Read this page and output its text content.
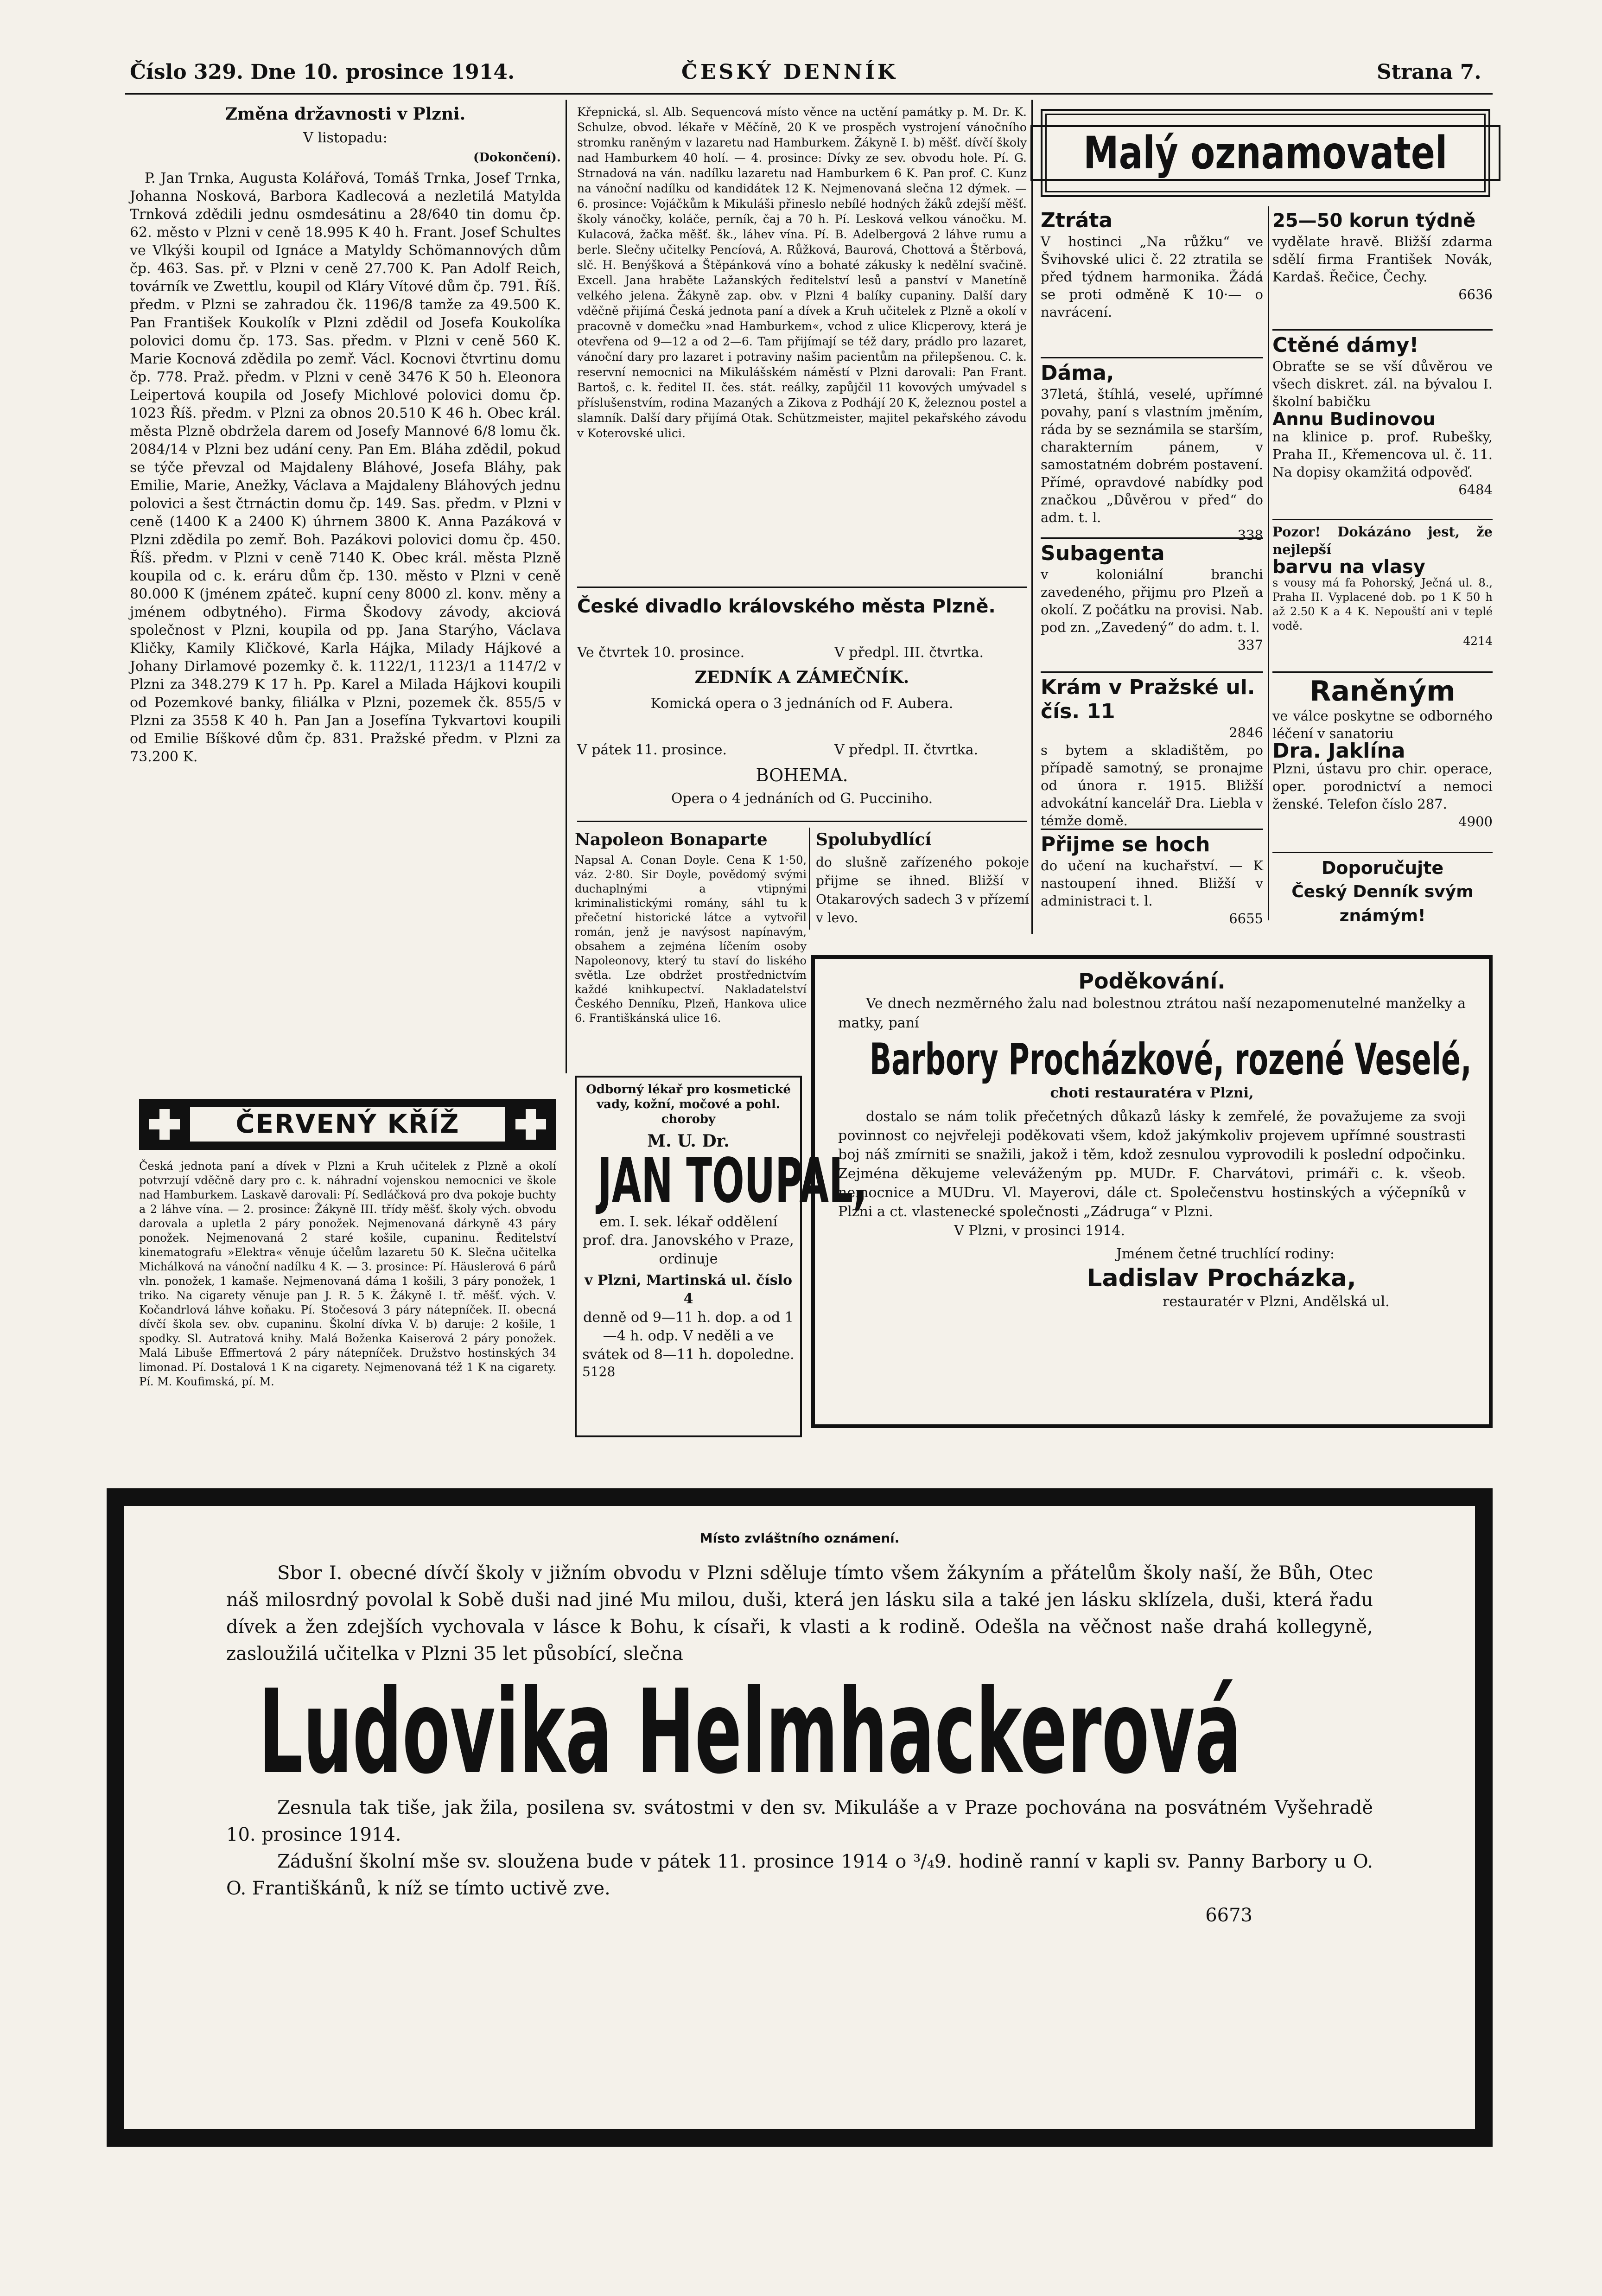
Číslo 329. Dne 10. prosince 1914.	ČESKÝ DENNÍK	Strana 7.
Změna državnosti v Plzni.
V listopadu:
(Dokončení).

P. Jan Trnka, Augusta Kolářová, Tomáš Trnka, Josef Trnka, Johanna Nosková, Barbora Kadlecová a nezletilá Matylda Trnková zdědili jednu osmdesátinu a 28/640 tin domu čp. 62. město v Plzni v ceně 18.995 K 40 h. Frant. Josef Schultes ve Vlkýši koupil od Ignáce a Matyldy Schömannových dům čp. 463. Sas. př. v Plzni v ceně 27.700 K. Pan Adolf Reich, továrník ve Zwettlu, koupil od Kláry Vítové dům čp. 791. Říš. předm. v Plzni se zahradou čk. 1196/8 tamže za 49.500 K. Pan František Koukolík v Plzni zdědil od Josefa Koukolíka polovici domu čp. 173. Sas. předm. v Plzni v ceně 560 K. Marie Kocnová zdědila po zemř. Václ. Kocnovi čtvrtinu domu čp. 778. Praž. předm. v Plzni v ceně 3476 K 50 h. Eleonora Leipertová koupila od Josefy Michlové polovici domu čp. 1023 Říš. předm. v Plzni za obnos 20.510 K 46 h. Obec král. města Plzně obdržela darem od Josefy Mannové 6/8 lomu čk. 2084/14 v Plzni bez udání ceny. Pan Em. Bláha zdědil, pokud se týče převzal od Majdaleny Bláhové, Josefa Bláhy, pak Emilie, Marie, Anežky, Václava a Majdaleny Bláhových jednu polovici a šest čtrnáctin domu čp. 149. Sas. předm. v Plzni v ceně (1400 K a 2400 K) úhrnem 3800 K. Anna Pazáková v Plzni zdědila po zemř. Boh. Pazákovi polovici domu čp. 450. Říš. předm. v Plzni v ceně 7140 K. Obec král. města Plzně koupila od c. k. eráru dům čp. 130. město v Plzni v ceně 80.000 K (jménem zpáteč. kupní ceny 8000 zl. konv. měny a jménem odbytného). Firma Škodovy závody, akciová společnost v Plzni, koupila od pp. Jana Starýho, Václava Kličky, Kamily Kličkové, Karla Hájka, Milady Hájkové a Johany Dirlamové pozemky č. k. 1122/1, 1123/1 a 1147/2 v Plzni za 348.279 K 17 h. Pp. Karel a Milada Hájkovi koupili od Pozemkové banky, filiálka v Plzni, pozemek čk. 855/5 v Plzni za 3558 K 40 h. Pan Jan a Josefína Tykvartovi koupili od Emilie Bíškové dům čp. 831. Pražské předm. v Plzni za 73.200 K.

ČERVENÝ KŘÍŽ

Česká jednota paní a dívek v Plzni a Kruh učitelek z Plzně a okolí potvrzují vděčně dary pro c. k. náhradní vojenskou nemocnici ve škole nad Hamburkem. Laskavě darovali: Pí. Sedláčková pro dva pokoje buchty a 2 láhve vína. — 2. prosince: Žákyně III. třídy měšť. školy vých. obvodu darovala a upletla 2 páry ponožek. Nejmenovaná dárkyně 43 páry ponožek. Nejmenovaná 2 staré košile, cupaninu. Ředitelství kinematografu »Elektra« věnuje účelům lazaretu 50 K. Slečna učitelka Michálková na vánoční nadílku 4 K. — 3. prosince: Pí. Häuslerová 6 párů vln. ponožek, 1 kamaše. Nejmenovaná dáma 1 košili, 3 páry ponožek, 1 triko. Na cigarety věnuje pan J. R. 5 K. Žákyně I. tř. měšť. vých. V. Kočandrlová láhve koňaku. Pí. Stočesová 3 páry nátepníček. II. obecná dívčí škola sev. obv. cupaninu. Školní dívka V. b) daruje: 2 košile, 1 spodky. Sl. Autratová knihy. Malá Boženka Kaiserová 2 páry ponožek. Malá Libuše Effmertová 2 páry nátepníček. Družstvo hostinských 34 limonad. Pí. Dostalová 1 K na cigarety. Nejmenovaná též 1 K na cigarety. Pí. M. Koufimská, pí. M.

Křepnická, sl. Alb. Sequencová místo věnce na uctění památky p. M. Dr. K. Schulze, obvod. lékaře v Měčíně, 20 K ve prospěch vystrojení vánočního stromku raněným v lazaretu nad Hamburkem. Žákyně I. b) měšť. dívčí školy nad Hamburkem 40 holí. — 4. prosince: Dívky ze sev. obvodu hole. Pí. G. Strnadová na ván. nadílku lazaretu nad Hamburkem 6 K. Pan prof. C. Kunz na vánoční nadílku od kandidátek 12 K. Nejmenovaná slečna 12 dýmek. — 6. prosince: Vojáčkům k Mikuláši přineslo nebílé hodných žáků zdejší měšť. školy vánočky, koláče, perník, čaj a 70 h. Pí. Lesková velkou vánočku. M. Kulacová, žačka měšť. šk., láhev vína. Pí. B. Adelbergová 2 láhve rumu a berle. Slečny učitelky Pencíová, A. Růžková, Baurová, Chottová a Štěrbová, slč. H. Benýšková a Štěpánková víno a bohaté zákusky k nedělní svačině. Excell. Jana hraběte Lažanských ředitelství lesů a panství v Manetíně velkého jelena. Žákyně zap. obv. v Plzni 4 balíky cupaniny. Další dary vděčně přijímá Česká jednota paní a dívek a Kruh učitelek z Plzně a okolí v pracovně v domečku »nad Hamburkem«, vchod z ulice Klicperovy, která je otevřena od 9—12 a od 2—6. Tam přijímají se též dary, prádlo pro lazaret, vánoční dary pro lazaret i potraviny našim pacientům na přilepšenou. C. k. reservní nemocnici na Mikulášském náměstí v Plzni darovali: Pan Frant. Bartoš, c. k. ředitel II. čes. stát. reálky, zapůjčil 11 kovových umývadel s příslušenstvím, rodina Mazaných a Zikova z Podhájí 20 K, železnou postel a slamník. Další dary přijímá Otak. Schützmeister, majitel pekařského závodu v Koterovské ulici.

České divadlo královského města Plzně.
Ve čtvrtek 10. prosince.	V předpl. III. čtvrtka.
ZEDNÍK A ZÁMEČNÍK.
Komická opera o 3 jednáních od F. Aubera.
V pátek 11. prosince.	V předpl. II. čtvrtka.
BOHEMA.
Opera o 4 jednáních od G. Pucciniho.
Napoleon Bonaparte

Napsal A. Conan Doyle. Cena K 1·50, váz. 2·80. Sir Doyle, povědomý svými duchaplnými a vtipnými kriminalistickými romány, sáhl tu k přečetní historické látce a vytvořil román, jenž je navýsost napínavým, obsahem a zejména líčením osoby Napoleonovy, který tu staví do liského světla. Lze obdržet prostřednictvím každé knihkupectví. Nakladatelství Českého Denníku, Plzeň, Hankova ulice 6. Františkánská ulice 16.

Spolubydlící

do slušně zařízeného pokoje přijme se ihned. Bližší v Otakarových sadech 3 v přízemí v levo.

Odborný lékař pro kosmetické vady, kožní, močové a pohl. choroby
M. U. Dr.
JAN TOUPAL,
em. I. sek. lékař oddělení prof. dra. Janovského v Praze, ordinuje
v Plzni, Martinská ul. číslo 4
denně od 9—11 h. dop. a od 1—4 h. odp. V neděli a ve svátek od 8—11 h. dopoledne.
5128
Malý oznamovatel
Ztráta
V hostinci „Na růžku“ ve Švihovské ulici č. 22 ztratila se před týdnem harmonika. Žádá se proti odměně K 10·— o navrácení.
Dáma,
37letá, štíhlá, veselé, upřímné povahy, paní s vlastním jměním, ráda by se seznámila se starším, charakterním pánem, v samostatném dobrém postavení. Přímé, opravdové nabídky pod značkou „Důvěrou v před“ do adm. t. l.
338
Subagenta
v koloniální branchi zavedeného, přijmu pro Plzeň a okolí. Z počátku na provisi. Nab. pod zn. „Zavedený“ do adm. t. l.
337
Krám v Pražské ul. čís. 11
2846
s bytem a skladištěm, po případě samotný, se pronajme od února r. 1915. Bližší advokátní kancelář Dra. Liebla v témže domě.
Přijme se hoch
do učení na kuchařství. — K nastoupení ihned. Bližší v administraci t. l.
6655
25—50 korun týdně
vydělate hravě. Bližší zdarma sdělí firma František Novák, Kardaš. Řečice, Čechy.
6636
Ctěné dámy!
Obraťte se se vší důvěrou ve všech diskret. zál. na bývalou I. školní babičku
Annu Budinovou
na klinice p. prof. Rubešky, Praha II., Křemencova ul. č. 11. Na dopisy okamžitá odpověď.
6484
Pozor! Dokázáno jest, že nejlepší
barvu na vlasy
s vousy má fa Pohorský, Ječná ul. 8., Praha II. Vyplacené dob. po 1 K 50 h až 2.50 K a 4 K. Nepouští ani v teplé vodě.
4214
Raněným
ve válce poskytne se odborného léčení v sanatoriu
Dra. Jaklína
Plzni, ústavu pro chir. operace, oper. porodnictví a nemoci ženské. Telefon číslo 287.
4900
Doporučujte
Český Denník svým známým!
Poděkování.
Ve dnech nezměrného žalu nad bolestnou ztrátou naší nezapomenutelné manželky a matky, paní
Barbory Procházkové, rozené Veselé,
choti restauratéra v Plzni,
dostalo se nám tolik přečetných důkazů lásky k zemřelé, že považujeme za svoji povinnost co nejvřeleji poděkovati všem, kdož jakýmkoliv projevem upřímné soustrasti boj náš zmírniti se snažili, jakož i těm, kdož zesnulou vyprovodili k poslední odpočinku. Zejména děkujeme veleváženým pp. MUDr. F. Charvátovi, primáři c. k. všeob. nemocnice a MUDru. Vl. Mayerovi, dále ct. Společenstvu hostinských a výčepníků v Plzni a ct. vlastenecké společnosti „Zádruga“ v Plzni.
V Plzni, v prosinci 1914.
Jménem četné truchlící rodiny:
Ladislav Procházka,
restauratér v Plzni, Andělská ul.
Místo zvláštního oznámení.
Sbor I. obecné dívčí školy v jižním obvodu v Plzni sděluje tímto všem žákyním a přátelům školy naší, že Bůh, Otec náš milosrdný povolal k Sobě duši nad jiné Mu milou, duši, která jen lásku sila a také jen lásku sklízela, duši, která řadu dívek a žen zdejších vychovala v lásce k Bohu, k císaři, k vlasti a k rodině. Odešla na věčnost naše drahá kollegyně, zasloužilá učitelka v Plzni 35 let působící, slečna
Ludovika Helmhackerová
Zesnula tak tiše, jak žila, posilena sv. svátostmi v den sv. Mikuláše a v Praze pochována na posvátném Vyšehradě 10. prosince 1914.
Zádušní školní mše sv. sloužena bude v pátek 11. prosince 1914 o ³/₄9. hodině ranní v kapli sv. Panny Barbory u O. O. Františkánů, k níž se tímto uctivě zve.
6673
